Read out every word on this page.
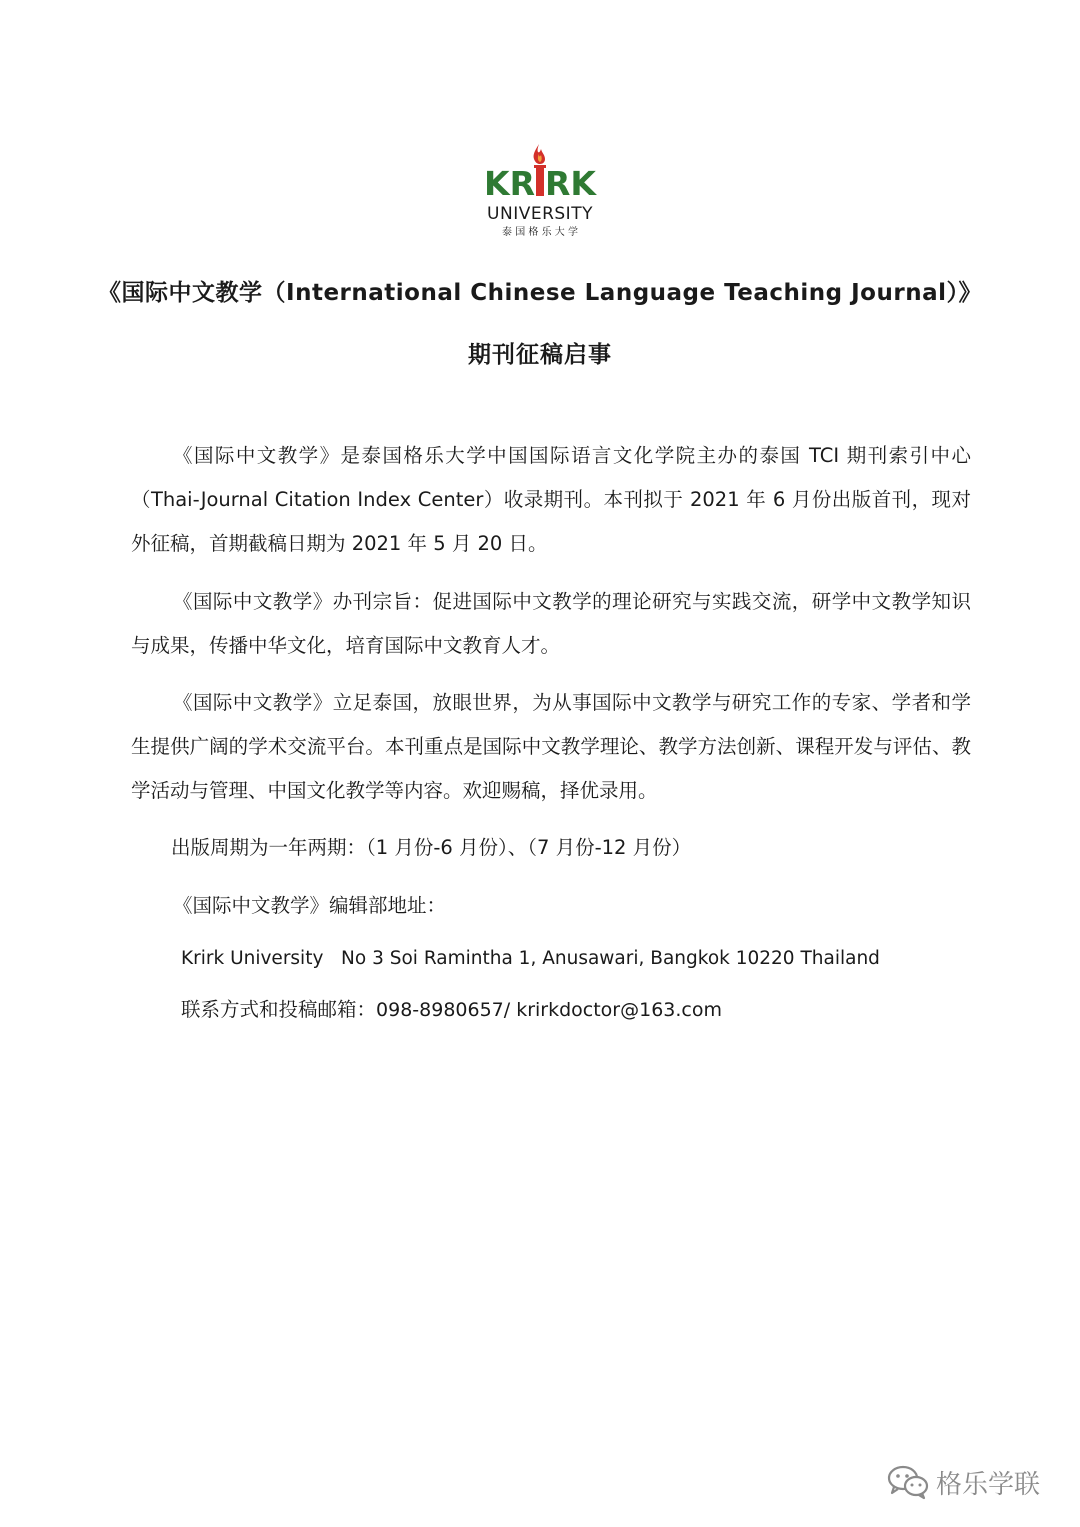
KR RK
UNIVERSITY
泰 国 格 乐 大 学
《国际中文教学（International Chinese Language Teaching Journal）》
期刊征稿启事
《国际中文教学》是泰国格乐大学中国国际语言文化学院主办的泰国 TCI 期刊索引中心（Thai-Journal Citation Index Center）收录期刊。本刊拟于 2021 年 6 月份出版首刊，现对外征稿，首期截稿日期为 2021 年 5 月 20 日。
《国际中文教学》办刊宗旨：促进国际中文教学的理论研究与实践交流，研学中文教学知识与成果，传播中华文化，培育国际中文教育人才。
《国际中文教学》立足泰国，放眼世界，为从事国际中文教学与研究工作的专家、学者和学生提供广阔的学术交流平台。本刊重点是国际中文教学理论、教学方法创新、课程开发与评估、教学活动与管理、中国文化教学等内容。欢迎赐稿，择优录用。
出版周期为一年两期：（1 月份-6 月份）、（7 月份-12 月份）
《国际中文教学》编辑部地址：
Krirk University   No 3 Soi Ramintha 1, Anusawari, Bangkok 10220 Thailand
联系方式和投稿邮箱：098-8980657/ krirkdoctor@163.com
格乐学联
